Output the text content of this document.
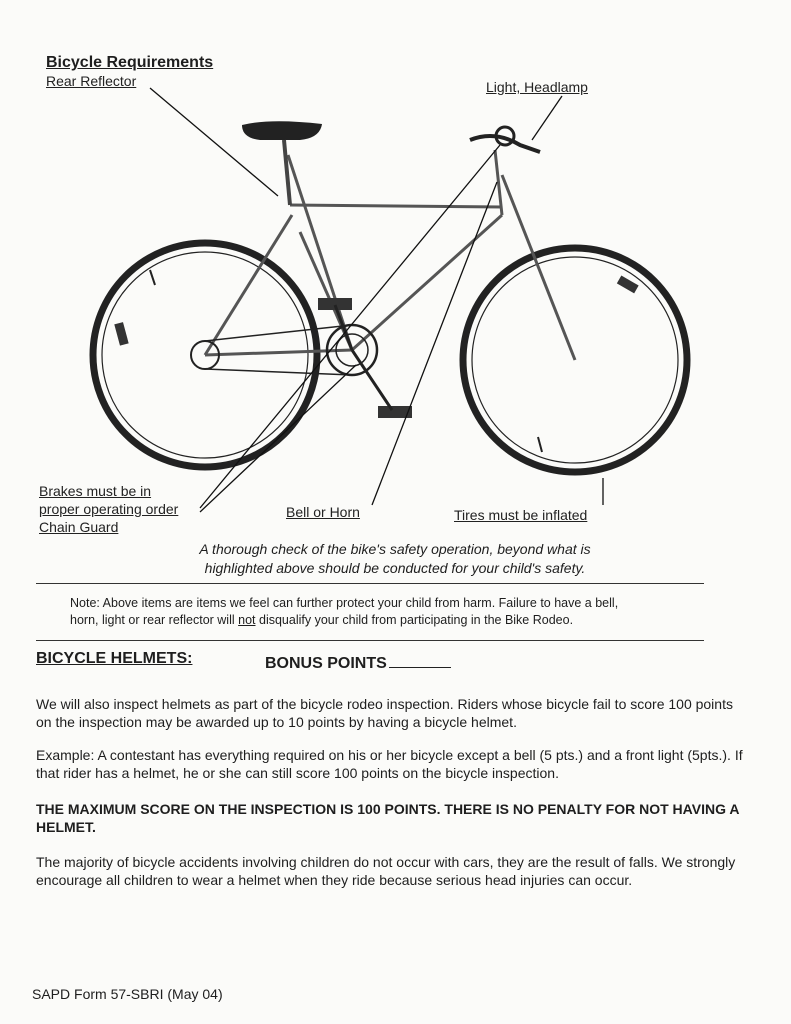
Bicycle Requirements
Rear Reflector	Light, Headlamp
Brakes must be in
proper operating order
Chain Guard
Bell or Horn	Tires must be inflated
A thorough check of the bike's safety operation, beyond what is
highlighted above should be conducted for your child's safety.
Note: Above items are items we feel can further protect your child from harm. Failure to have a bell,
horn, light or rear reflector will not disqualify your child from participating in the Bike Rodeo.
BICYCLE HELMETS:	BONUS POINTS
We will also inspect helmets as part of the bicycle rodeo inspection. Riders whose bicycle fail to score 100 points on the inspection may be awarded up to 10 points by having a bicycle helmet.
Example: A contestant has everything required on his or her bicycle except a bell (5 pts.) and a front light (5pts.). If that rider has a helmet, he or she can still score 100 points on the bicycle inspection.
THE MAXIMUM SCORE ON THE INSPECTION IS 100 POINTS. THERE IS NO PENALTY FOR NOT HAVING A HELMET.
The majority of bicycle accidents involving children do not occur with cars, they are the result of falls. We strongly encourage all children to wear a helmet when they ride because serious head injuries can occur.
SAPD Form 57-SBRI (May 04)
